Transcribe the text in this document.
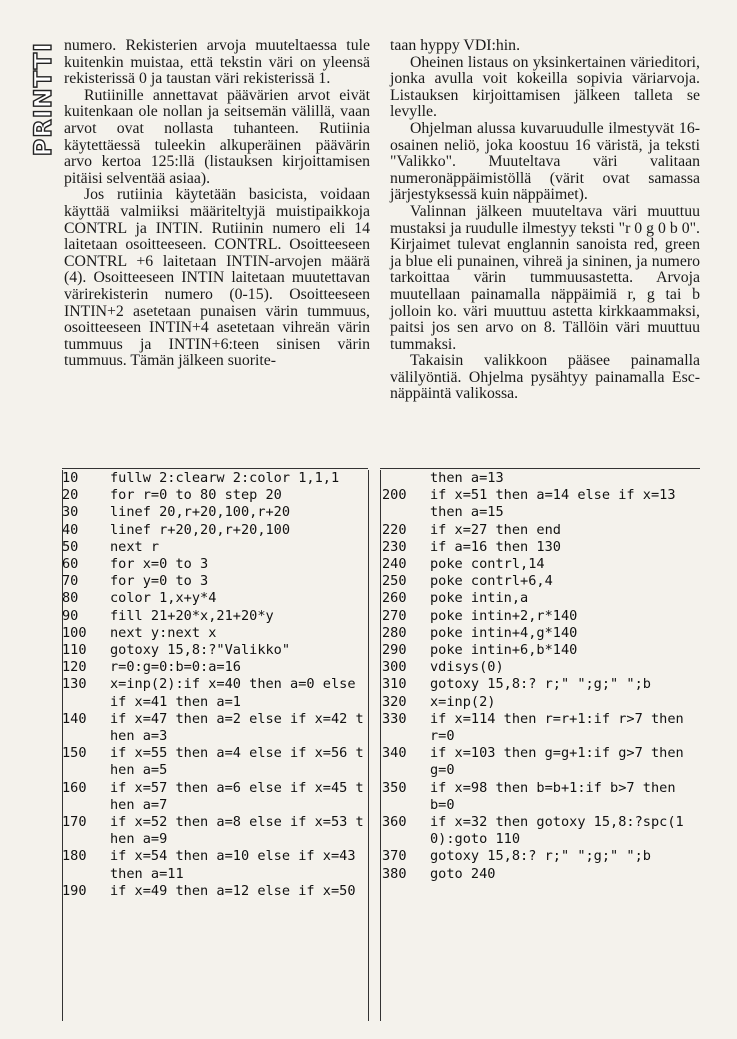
PRINTTI numero. Rekisterien arvoja muuteltaessa tule kuitenkin muistaa, että tekstin väri on yleensä rekisterissä 0 ja taustan väri rekisterissä 1.

Rutiinille annettavat päävärien arvot eivät kuitenkaan ole nollan ja seitsemän välillä, vaan arvot ovat nollasta tuhanteen. Rutiinia käytettäessä tuleekin alkuperäinen päävärin arvo kertoa 125:llä (listauksen kirjoittamisen pitäisi selventää asiaa).

Jos rutiinia käytetään basicista, voidaan käyttää valmiiksi määriteltyjä muistipaikkoja CONTRL ja INTIN. Rutiinin numero eli 14 laitetaan osoitteeseen. CONTRL. Osoitteeseen CONTRL +6 laitetaan INTIN-arvojen määrä (4). Osoitteeseen INTIN laitetaan muutettavan värirekisterin numero (0-15). Osoitteeseen INTIN+2 asetetaan punaisen värin tummuus, osoitteeseen INTIN+4 asetetaan vihreän värin tummuus ja INTIN+6:teen sinisen värin tummuus. Tämän jälkeen suorite-

taan hyppy VDI:hin.

Oheinen listaus on yksinkertainen värieditori, jonka avulla voit kokeilla sopivia väriarvoja. Listauksen kirjoittamisen jälkeen talleta se levylle.

Ohjelman alussa kuvaruudulle ilmestyvät 16-osainen neliö, joka koostuu 16 väristä, ja teksti "Valikko". Muuteltava väri valitaan numeronäppäimistöllä (värit ovat samassa järjestyksessä kuin näppäimet).

Valinnan jälkeen muuteltava väri muuttuu mustaksi ja ruudulle ilmestyy teksti "r 0 g 0 b 0". Kirjaimet tulevat englannin sanoista red, green ja blue eli punainen, vihreä ja sininen, ja numero tarkoittaa värin tummuusastetta. Arvoja muutellaan painamalla näppäimiä r, g tai b jolloin ko. väri muuttuu astetta kirkkaammaksi, paitsi jos sen arvo on 8. Tällöin väri muuttuu tummaksi.

Takaisin valikkoon pääsee painamalla välilyöntiä. Ohjelma pysähtyy painamalla Esc-näppäintä valikossa.

10	fullw 2:clearw 2:color 1,1,1
20	for r=0 to 80 step 20
30	linef 20,r+20,100,r+20
40	linef r+20,20,r+20,100
50	next r
60	for x=0 to 3
70	for y=0 to 3
80	color 1,x+y*4
90	fill 21+20*x,21+20*y
100	next y:next x
110	gotoxy 15,8:?"Valikko"
120	r=0:g=0:b=0:a=16
130	x=inp(2):if x=40 then a=0 else
if x=41 then a=1
140	if x=47 then a=2 else if x=42 t
hen a=3
150	if x=55 then a=4 else if x=56 t
hen a=5
160	if x=57 then a=6 else if x=45 t
hen a=7
170	if x=52 then a=8 else if x=53 t
hen a=9
180	if x=54 then a=10 else if x=43
then a=11
190	if x=49 then a=12 else if x=50
then a=13
200	if x=51 then a=14 else if x=13
then a=15
220	if x=27 then end
230	if a=16 then 130
240	poke contrl,14
250	poke contrl+6,4
260	poke intin,a
270	poke intin+2,r*140
280	poke intin+4,g*140
290	poke intin+6,b*140
300	vdisys(0)
310	gotoxy 15,8:? r;" ";g;" ";b
320	x=inp(2)
330	if x=114 then r=r+1:if r>7 then
r=0
340	if x=103 then g=g+1:if g>7 then
g=0
350	if x=98 then b=b+1:if b>7 then
b=0
360	if x=32 then gotoxy 15,8:?spc(1
0):goto 110
370	gotoxy 15,8:? r;" ";g;" ";b
380	goto 240
